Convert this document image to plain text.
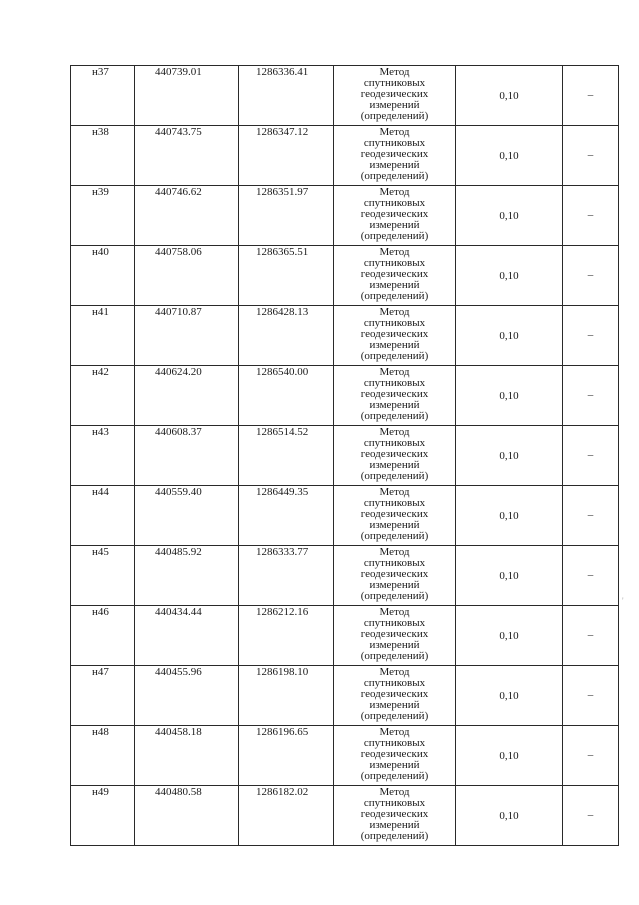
н37	440739.01	1286336.41	Метод
спутниковых
геодезических
измерений
(определений)	0,10	–

н38	440743.75	1286347.12	Метод
спутниковых
геодезических
измерений
(определений)	0,10	–

н39	440746.62	1286351.97	Метод
спутниковых
геодезических
измерений
(определений)	0,10	–

н40	440758.06	1286365.51	Метод
спутниковых
геодезических
измерений
(определений)	0,10	–

н41	440710.87	1286428.13	Метод
спутниковых
геодезических
измерений
(определений)	0,10	–

н42	440624.20	1286540.00	Метод
спутниковых
геодезических
измерений
(определений)	0,10	–

н43	440608.37	1286514.52	Метод
спутниковых
геодезических
измерений
(определений)	0,10	–

н44	440559.40	1286449.35	Метод
спутниковых
геодезических
измерений
(определений)	0,10	–

н45	440485.92	1286333.77	Метод
спутниковых
геодезических
измерений
(определений)	0,10	–

н46	440434.44	1286212.16	Метод
спутниковых
геодезических
измерений
(определений)	0,10	–

н47	440455.96	1286198.10	Метод
спутниковых
геодезических
измерений
(определений)	0,10	–

н48	440458.18	1286196.65	Метод
спутниковых
геодезических
измерений
(определений)	0,10	–

н49	440480.58	1286182.02	Метод
спутниковых
геодезических
измерений
(определений)	0,10	–
'
